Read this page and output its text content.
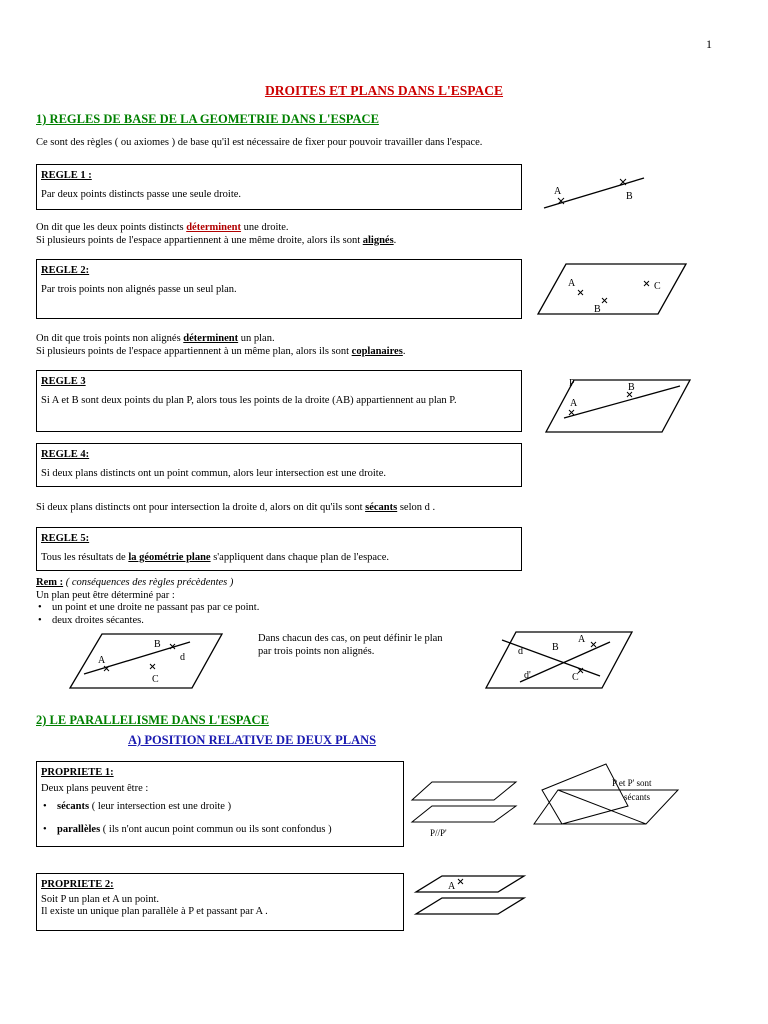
1
DROITES ET PLANS DANS L'ESPACE
1) REGLES DE BASE DE LA GEOMETRIE DANS L'ESPACE
Ce sont des règles ( ou axiomes ) de base qu'il est nécessaire de fixer pour pouvoir travailler dans l'espace.
REGLE 1 :
Par deux points distincts passe une seule droite.
On dit que les deux points distincts déterminent une droite.
Si plusieurs points de l'espace appartiennent à une même droite, alors ils sont alignés.
REGLE 2:
Par trois points non alignés passe un seul plan.
On dit que trois points non alignés déterminent un plan.
Si plusieurs points de l'espace appartiennent à un même plan, alors ils sont coplanaires.
REGLE 3
Si A et B sont deux points du plan P, alors tous les points de la droite (AB) appartiennent au plan P.
REGLE 4:
Si deux plans distincts ont un point commun, alors leur intersection est une droite.
Si deux plans distincts ont pour intersection la droite d, alors on dit qu'ils sont sécants selon d .
REGLE 5:
Tous les résultats de la géométrie plane s'appliquent dans chaque plan de l'espace.
Rem : ( conséquences des règles précèdentes )
Un plan peut être déterminé par :
• un point et une droite ne passant pas par ce point.
• deux droites sécantes.
Dans chacun des cas, on peut définir le plan par trois points non alignés.
2) LE PARALLELISME DANS L'ESPACE
A) POSITION RELATIVE DE DEUX PLANS
PROPRIETE 1:
Deux plans peuvent être :
• sécants ( leur intersection est une droite )
• parallèles ( ils n'ont aucun point commun ou ils sont confondus )
PROPRIETE 2:
Soit P un plan et A un point.
Il existe un unique plan parallèle à P et passant par A .
A	B
A
B
C
P
A
B
A
B
C
d
d	B
A
C
d'
P//P'
P et P' sont
sécants
A
